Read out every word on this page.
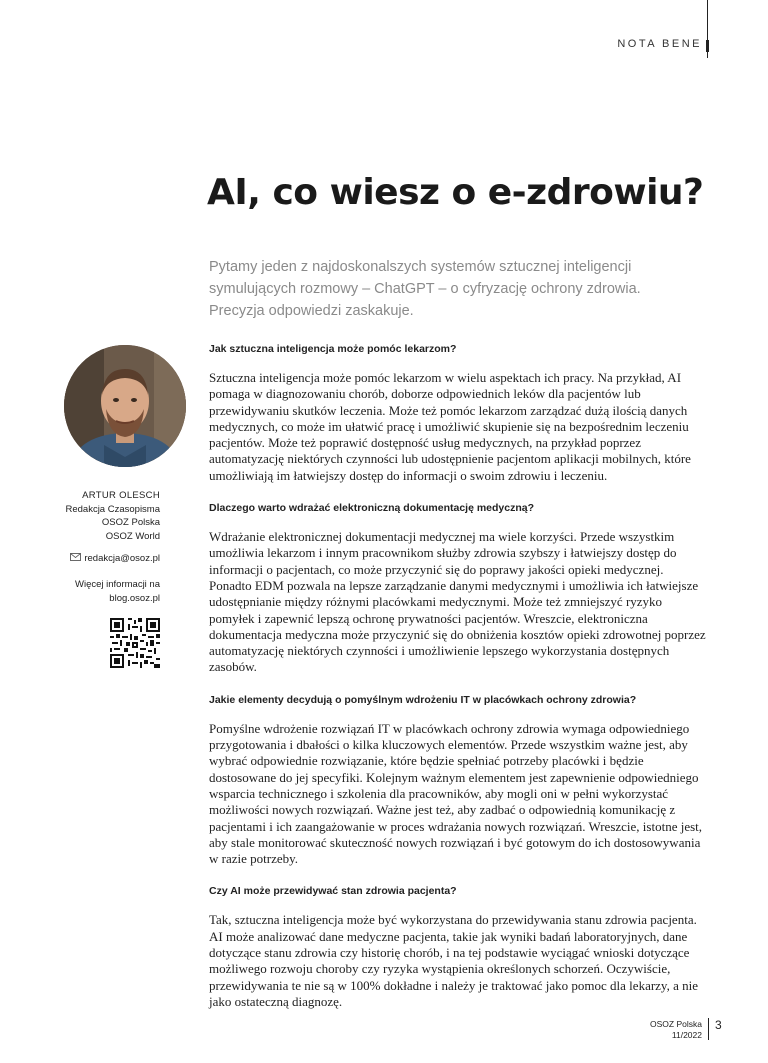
NOTA BENE
AI, co wiesz o e-zdrowiu?

Pytamy jeden z najdoskonalszych systemów sztucznej inteligencji symulujących rozmowy – ChatGPT – o cyfryzację ochrony zdrowia. Precyzja odpowiedzi zaskakuje.

ARTUR OLESCH
Redakcja Czasopisma
OSOZ Polska
OSOZ World
redakcja@osoz.pl
Więcej informacji na
blog.osoz.pl
Jak sztuczna inteligencja może pomóc lekarzom?

Sztuczna inteligencja może pomóc lekarzom w wielu aspektach ich pracy. Na przykład, AI pomaga w diagnozowaniu chorób, doborze odpowiednich leków dla pacjentów lub przewidywaniu skutków leczenia. Może też pomóc lekarzom zarządzać dużą ilością danych medycznych, co może im ułatwić pracę i umożliwić skupienie się na bezpośrednim leczeniu pacjentów. Może też poprawić dostępność usług medycznych, na przykład poprzez automatyzację niektórych czynności lub udostępnienie pacjentom aplikacji mobilnych, które umożliwiają im łatwiejszy dostęp do informacji o swoim zdrowiu i leczeniu.

Dlaczego warto wdrażać elektroniczną dokumentację medyczną?

Wdrażanie elektronicznej dokumentacji medycznej ma wiele korzyści. Przede wszystkim umożliwia lekarzom i innym pracownikom służby zdrowia szybszy i łatwiejszy dostęp do informacji o pacjentach, co może przyczynić się do poprawy jakości opieki medycznej. Ponadto EDM pozwala na lepsze zarządzanie danymi medycznymi i umożliwia ich łatwiejsze udostępnianie między różnymi placówkami medycznymi. Może też zmniejszyć ryzyko pomyłek i zapewnić lepszą ochronę prywatności pacjentów. Wreszcie, elektroniczna dokumentacja medyczna może przyczynić się do obniżenia kosztów opieki zdrowotnej poprzez automatyzację niektórych czynności i umożliwienie lepszego wykorzystania dostępnych zasobów.

Jakie elementy decydują o pomyślnym wdrożeniu IT w placówkach ochrony zdrowia?

Pomyślne wdrożenie rozwiązań IT w placówkach ochrony zdrowia wymaga odpowiedniego przygotowania i dbałości o kilka kluczowych elementów. Przede wszystkim ważne jest, aby wybrać odpowiednie rozwiązanie, które będzie spełniać potrzeby placówki i będzie dostosowane do jej specyfiki. Kolejnym ważnym elementem jest zapewnienie odpowiedniego wsparcia technicznego i szkolenia dla pracowników, aby mogli oni w pełni wykorzystać możliwości nowych rozwiązań. Ważne jest też, aby zadbać o odpowiednią komunikację z pacjentami i ich zaangażowanie w proces wdrażania nowych rozwiązań. Wreszcie, istotne jest, aby stale monitorować skuteczność nowych rozwiązań i być gotowym do ich dostosowywania w razie potrzeby.

Czy AI może przewidywać stan zdrowia pacjenta?

Tak, sztuczna inteligencja może być wykorzystana do przewidywania stanu zdrowia pacjenta. AI może analizować dane medyczne pacjenta, takie jak wyniki badań laboratoryjnych, dane dotyczące stanu zdrowia czy historię chorób, i na tej podstawie wyciągać wnioski dotyczące możliwego rozwoju choroby czy ryzyka wystąpienia określonych schorzeń. Oczywiście, przewidywania te nie są w 100% dokładne i należy je traktować jako pomoc dla lekarzy, a nie jako ostateczną diagnozę.

OSOZ Polska
11/2022
3
